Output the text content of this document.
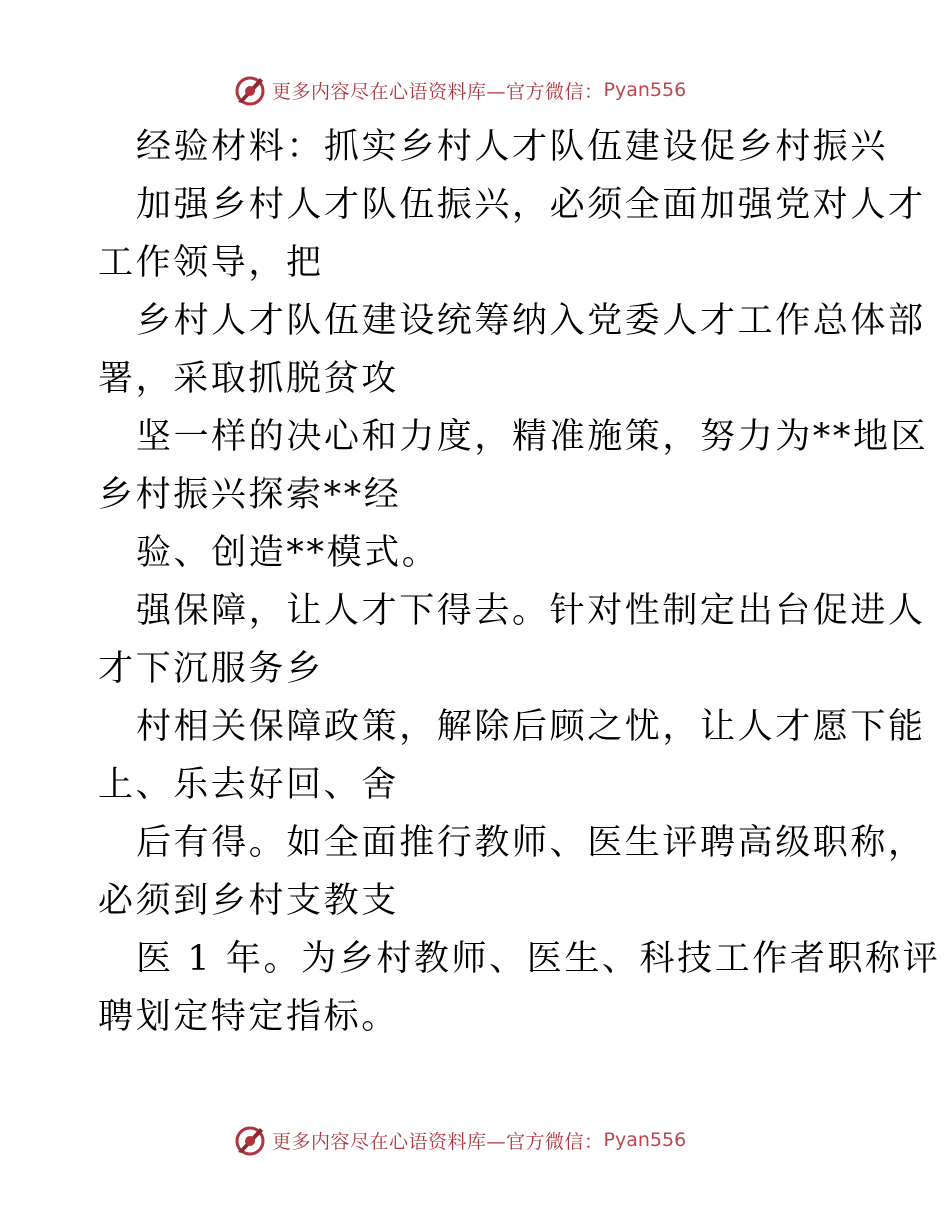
更多内容尽在心语资料库—官方微信： Pyan556
经验材料：抓实乡村人才队伍建设促乡村振兴
加强乡村人才队伍振兴，必须全面加强党对人才
工作领导，把
乡村人才队伍建设统筹纳入党委人才工作总体部
署，采取抓脱贫攻
坚一样的决心和力度，精准施策，努力为**地区
乡村振兴探索**经
验、创造**模式。
强保障，让人才下得去。针对性制定出台促进人
才下沉服务乡
村相关保障政策，解除后顾之忧，让人才愿下能
上、乐去好回、舍
后有得。如全面推行教师、医生评聘高级职称，
必须到乡村支教支
医 1 年。为乡村教师、医生、科技工作者职称评
聘划定特定指标。
更多内容尽在心语资料库—官方微信： Pyan556
